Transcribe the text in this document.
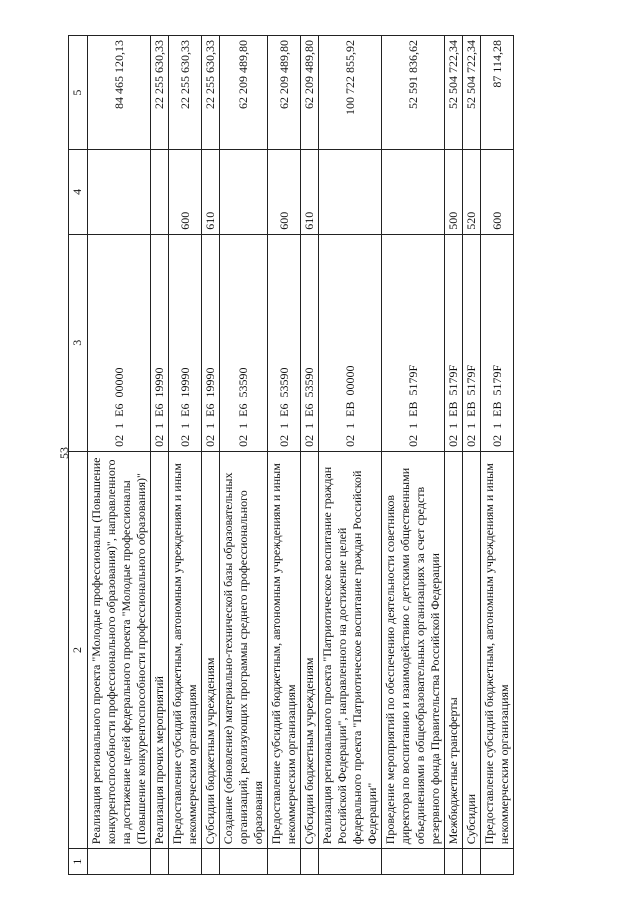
53
1	2	3	4	5
	Реализация регионального проекта "Молодые профессионалы (Повышение конкурентоспособности профессионального образования)", направленного на достижение целей федерального проекта "Молодые профессионалы (Повышение конкурентоспособности профессионального образования)"	02 1 Е6 00000		84 465 120,13
	Реализация прочих мероприятий	02 1 Е6 19990		22 255 630,33
	Предоставление субсидий бюджетным, автономным учреждениям и иным некоммерческим организациям	02 1 Е6 19990	600	22 255 630,33
	Субсидии бюджетным учреждениям	02 1 Е6 19990	610	22 255 630,33
	Создание (обновление) материально-технической базы образовательных организаций, реализующих программы среднего профессионального образования	02 1 Е6 53590		62 209 489,80
	Предоставление субсидий бюджетным, автономным учреждениям и иным некоммерческим организациям	02 1 Е6 53590	600	62 209 489,80
	Субсидии бюджетным учреждениям	02 1 Е6 53590	610	62 209 489,80
	Реализация регионального проекта "Патриотическое воспитание граждан Российской Федерации", направленного на достижение целей федерального проекта "Патриотическое воспитание граждан Российской Федерации"	02 1 ЕВ 00000		100 722 855,92
	Проведение мероприятий по обеспечению деятельности советников директора по воспитанию и взаимодействию с детскими общественными объединениями в общеобразовательных организациях за счет средств резервного фонда Правительства Российской Федерации	02 1 ЕВ 5179F		52 591 836,62
	Межбюджетные трансферты	02 1 ЕВ 5179F	500	52 504 722,34
	Субсидии	02 1 ЕВ 5179F	520	52 504 722,34
	Предоставление субсидий бюджетным, автономным учреждениям и иным некоммерческим организациям	02 1 ЕВ 5179F	600	87 114,28
